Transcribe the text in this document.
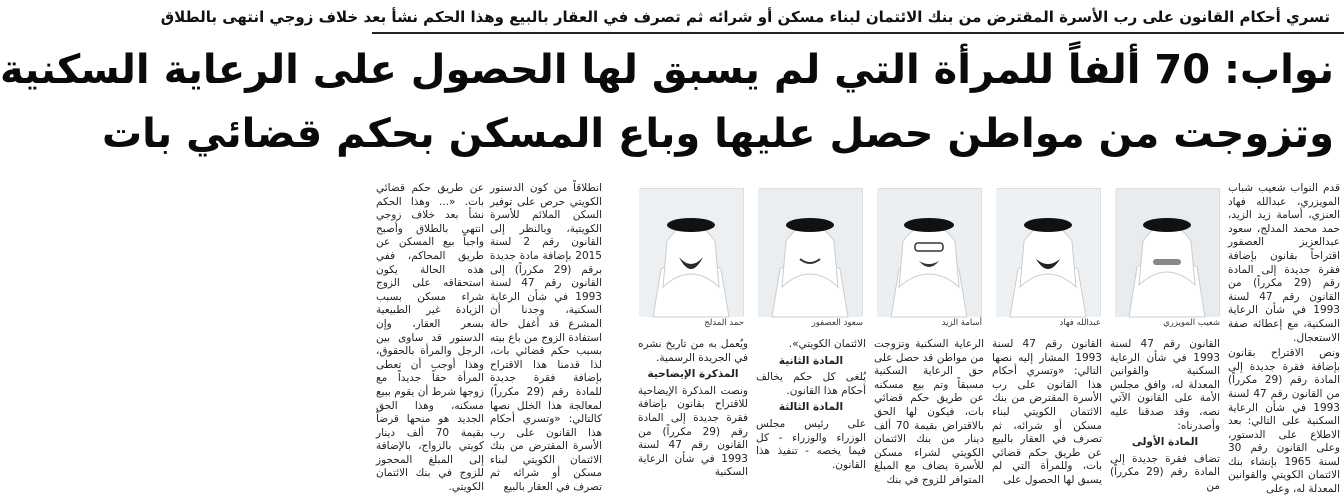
تسري أحكام القانون على رب الأسرة المقترض من بنك الائتمان لبناء مسكن أو شرائه ثم تصرف في العقار بالبيع وهذا الحكم نشأ بعد خلاف زوجي انتهى بالطلاق
نواب: 70 ألفاً للمرأة التي لم يسبق لها الحصول على الرعاية السكنية
وتزوجت من مواطن حصل عليها وباع المسكن بحكم قضائي بات

قدم النواب شعيب شباب المويزري، عبدالله فهاد العنزي، أسامة زيد الزيد، حمد محمد المدلج، سعود عبدالعزيز العصفور اقتراحاً بقانون بإضافة فقرة جديدة إلى المادة رقم (29 مكرراً) من القانون رقم 47 لسنة 1993 في شأن الرعاية السكنية، مع إعطائه صفة الاستعجال.

ونص الاقتراح بقانون بإضافة فقرة جديدة إلى المادة رقم (29 مكرراً) من القانون رقم 47 لسنة 1993 في شأن الرعاية السكنية على التالي: بعد الاطلاع على الدستور، وعلى القانون رقم 30 لسنة 1965 بإنشاء بنك الائتمان الكويتي والقوانين المعدلة له، وعلى

شعيب المويزري
عبدالله فهاد
أسامة الزيد
سعود العصفور
حمد المدلج

القانون رقم 47 لسنة 1993 في شأن الرعاية السكنية والقوانين المعدلة له، وافق مجلس الأمة على القانون الآتي نصه، وقد صدقنا عليه وأصدرناه:

المادة الأولى

تضاف فقرة جديدة إلى المادة رقم (29 مكرراً) من

القانون رقم 47 لسنة 1993 المشار إليه نصها التالي: «وتسري أحكام هذا القانون على رب الأسرة المقترض من بنك الائتمان الكويتي لبناء مسكن أو شرائه، ثم تصرف في العقار بالبيع عن طريق حكم قضائي بات، وللمرأة التي لم يسبق لها الحصول على

الرعاية السكنية وتزوجت من مواطن قد حصل على حق الرعاية السكنية مسبقاً وتم بيع مسكنه عن طريق حكم قضائي بات، فيكون لها الحق بالاقتراض بقيمة 70 ألف دينار من بنك الائتمان الكويتي لشراء مسكن للأسرة يضاف مع المبلغ المتوافر للزوج في بنك

الائتمان الكويتي».

المادة الثانية

يُلغى كل حكم يخالف أحكام هذا القانون.

المادة الثالثة

على رئيس مجلس الوزراء والوزراء - كل فيما يخصه - تنفيذ هذا القانون.

ويُعمل به من تاريخ نشره في الجريدة الرسمية.

المذكرة الإيضاحية

ونصت المذكرة الإيضاحية للاقتراح بقانون بإضافة فقرة جديدة إلى المادة رقم (29 مكرراً) من القانون رقم 47 لسنة 1993 في شأن الرعاية السكنية

انطلاقاً من كون الدستور الكويتي حرص على توفير السكن الملائم للأسرة الكويتية، وبالنظر إلى القانون رقم 2 لسنة 2015 بإضافة مادة جديدة برقم (29 مكرراً) إلى القانون رقم 47 لسنة 1993 في شأن الرعاية السكنية، وجدنا أن المشرع قد أغفل حالة استفادة الزوج من باع بيته بسبب حكم قضائي بات، لذا قدمنا هذا الاقتراح بإضافة فقرة جديدة للمادة رقم (29 مكرراً) لمعالجة هذا الخلل نصها كالتالي: «وتسري أحكام هذا القانون على رب الأسرة المقترض من بنك الائتمان الكويتي لبناء مسكن أو شرائه ثم تصرف في العقار بالبيع

عن طريق حكم قضائي بات. «... وهذا الحكم نشأ بعد خلاف زوجي انتهى بالطلاق وأصبح واجباً بيع المسكن عن طريق المحاكم، ففي هذه الحالة يكون استحقاقه على الزوج شراء مسكن بسبب الزيادة غير الطبيعية بسعر العقار، وإن الدستور قد ساوى بين الرجل والمرأة بالحقوق، وهذا أوجب أن تعطى المرأة حقاً جديداً مع زوجها شرط أن يقوم ببيع مسكنه، وهذا الحق الجديد هو منحها قرضاً بقيمة 70 ألف دينار كويتي بالزواج، بالإضافة إلى المبلغ المحجوز للزوج في بنك الائتمان الكويتي.
